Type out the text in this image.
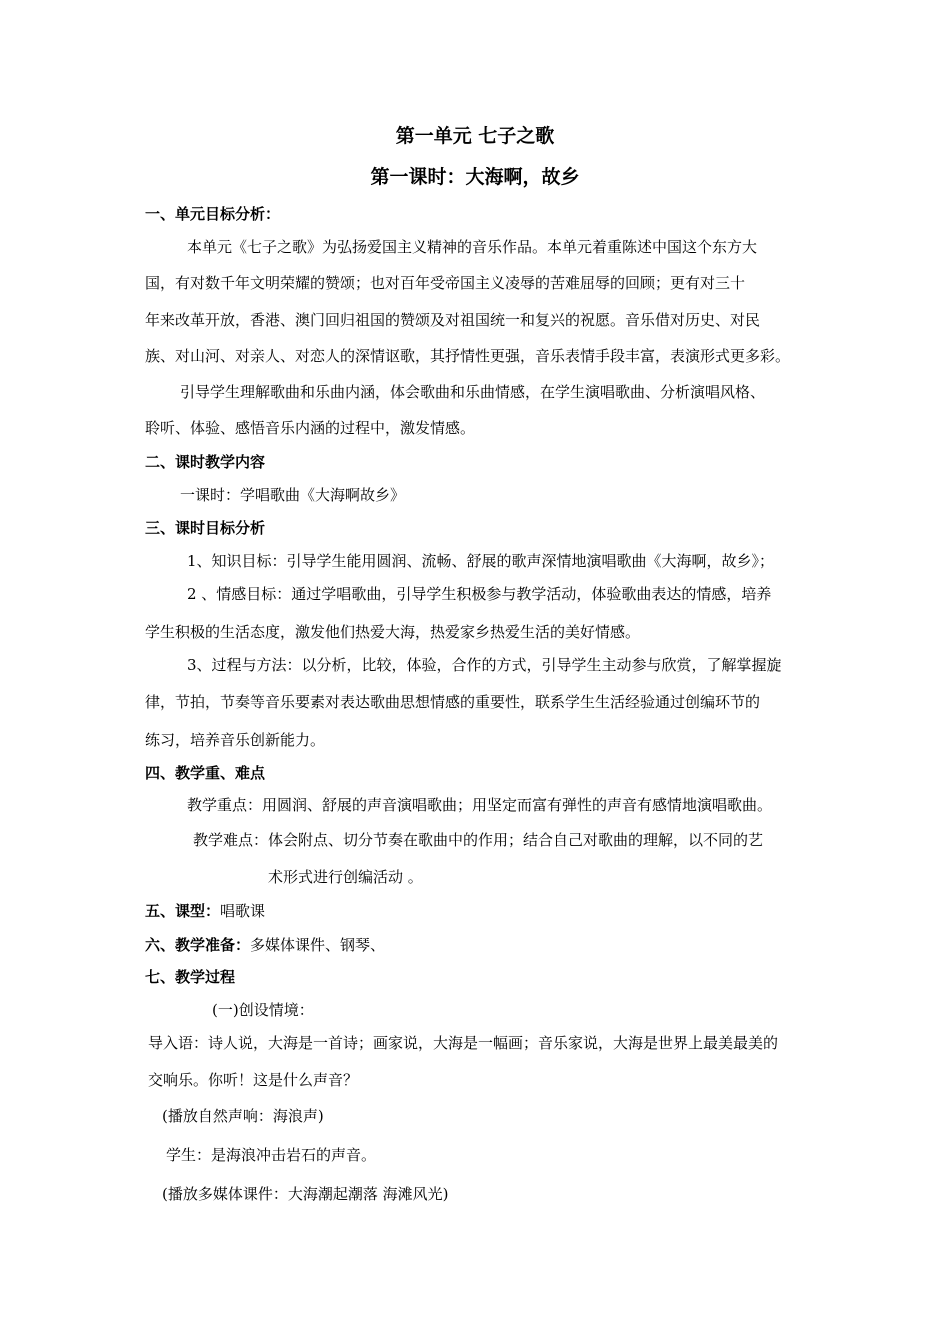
第一单元 七子之歌
第一课时：大海啊，故乡
一、单元目标分析：
本单元《七子之歌》为弘扬爱国主义精神的音乐作品。本单元着重陈述中国这个东方大
国，有对数千年文明荣耀的赞颂；也对百年受帝国主义凌辱的苦难屈辱的回顾；更有对三十
年来改革开放，香港、澳门回归祖国的赞颂及对祖国统一和复兴的祝愿。音乐借对历史、对民
族、对山河、对亲人、对恋人的深情讴歌，其抒情性更强，音乐表情手段丰富，表演形式更多彩。
引导学生理解歌曲和乐曲内涵，体会歌曲和乐曲情感，在学生演唱歌曲、分析演唱风格、
聆听、体验、感悟音乐内涵的过程中，激发情感。
二、课时教学内容
一课时：学唱歌曲《大海啊故乡》
三、课时目标分析
1、知识目标：引导学生能用圆润、流畅、舒展的歌声深情地演唱歌曲《大海啊，故乡》；
2 、情感目标：通过学唱歌曲，引导学生积极参与教学活动，体验歌曲表达的情感，培养
学生积极的生活态度，激发他们热爱大海，热爱家乡热爱生活的美好情感。
3、过程与方法：以分析，比较，体验，合作的方式，引导学生主动参与欣赏，了解掌握旋
律，节拍，节奏等音乐要素对表达歌曲思想情感的重要性，联系学生生活经验通过创编环节的
练习，培养音乐创新能力。
四、教学重、难点
教学重点：用圆润、舒展的声音演唱歌曲；用坚定而富有弹性的声音有感情地演唱歌曲。
教学难点：体会附点、切分节奏在歌曲中的作用；结合自己对歌曲的理解，以不同的艺
术形式进行创编活动 。
五、课型：唱歌课
六、教学准备：多媒体课件、钢琴、
七、教学过程
(一)创设情境：
导入语：诗人说，大海是一首诗；画家说，大海是一幅画；音乐家说，大海是世界上最美最美的
交响乐。你听！这是什么声音？
(播放自然声响：海浪声)
学生：是海浪冲击岩石的声音。
(播放多媒体课件：大海潮起潮落 海滩风光)
